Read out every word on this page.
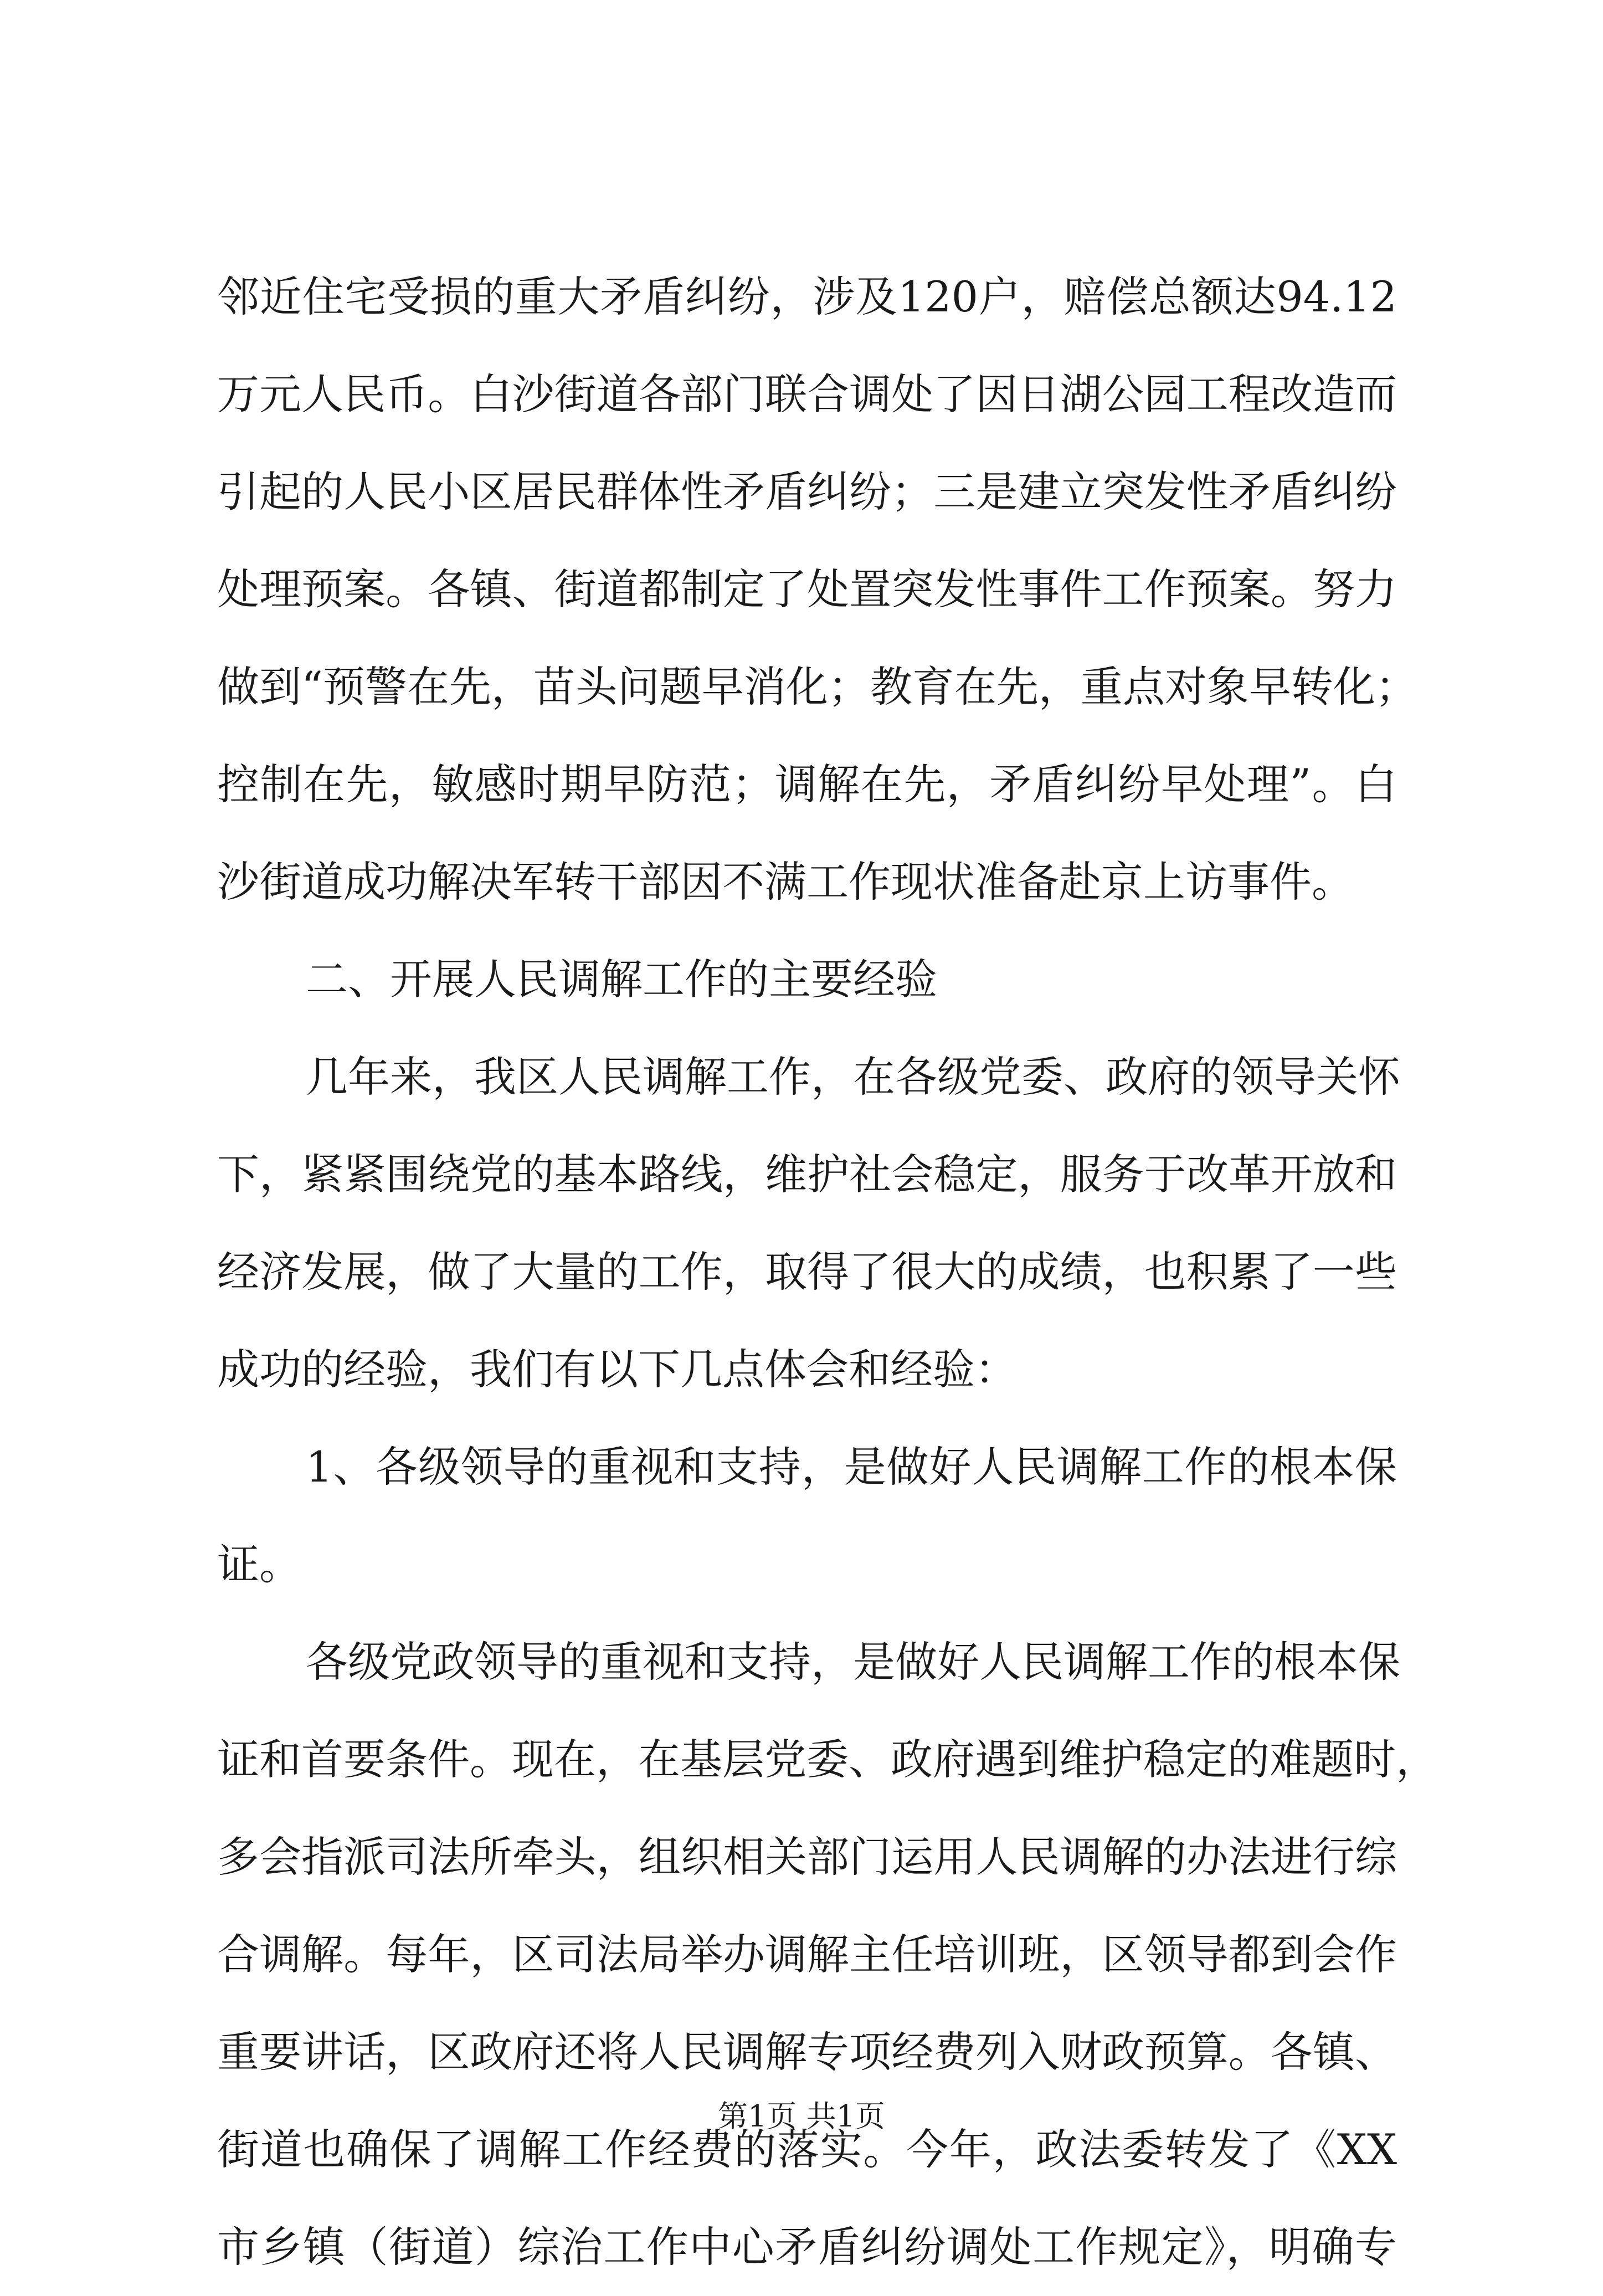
邻近住宅受损的重大矛盾纠纷，涉及120户，赔偿总额达94.12
万元人民币。白沙街道各部门联合调处了因日湖公园工程改造而
引起的人民小区居民群体性矛盾纠纷；三是建立突发性矛盾纠纷
处理预案。各镇、街道都制定了处置突发性事件工作预案。努力
做到“预警在先，苗头问题早消化；教育在先，重点对象早转化；
控制在先，敏感时期早防范；调解在先，矛盾纠纷早处理”。白
沙街道成功解决军转干部因不满工作现状准备赴京上访事件。
二、开展人民调解工作的主要经验
几年来，我区人民调解工作，在各级党委、政府的领导关怀
下，紧紧围绕党的基本路线，维护社会稳定，服务于改革开放和
经济发展，做了大量的工作，取得了很大的成绩，也积累了一些
成功的经验，我们有以下几点体会和经验：
1、各级领导的重视和支持，是做好人民调解工作的根本保
证。
各级党政领导的重视和支持，是做好人民调解工作的根本保
证和首要条件。现在，在基层党委、政府遇到维护稳定的难题时，
多会指派司法所牵头，组织相关部门运用人民调解的办法进行综
合调解。每年，区司法局举办调解主任培训班，区领导都到会作
重要讲话，区政府还将人民调解专项经费列入财政预算。各镇、
街道也确保了调解工作经费的落实。今年，政法委转发了《XX
市乡镇（街道）综治工作中心矛盾纠纷调处工作规定》，明确专
第1页 共1页
